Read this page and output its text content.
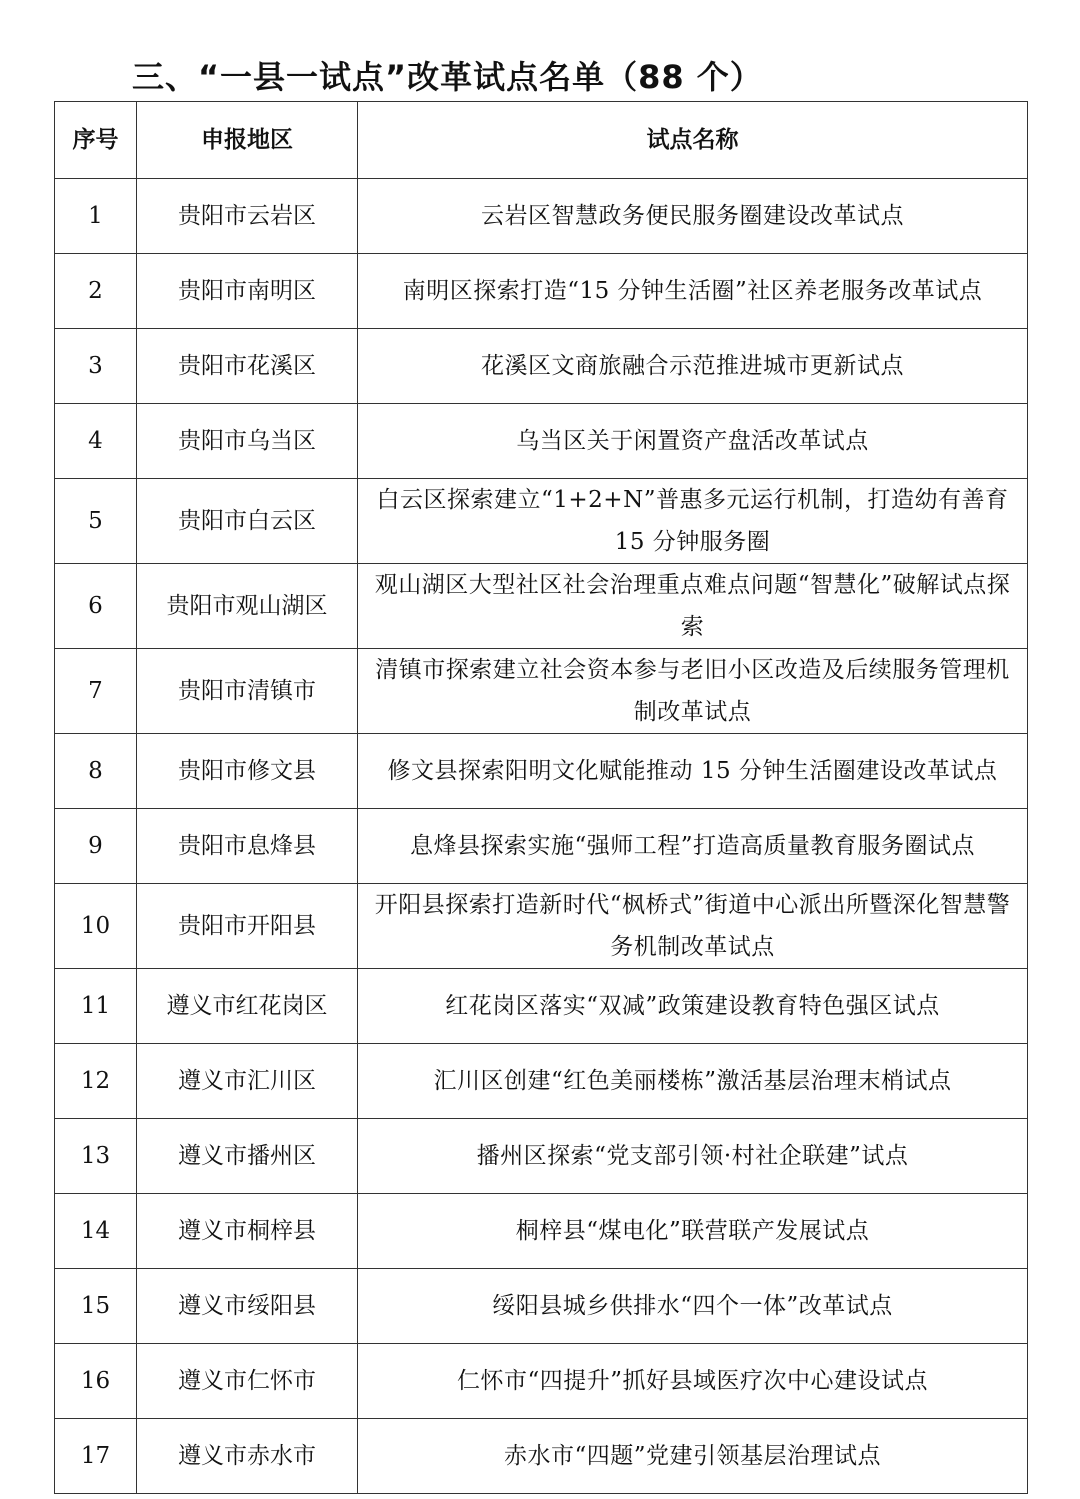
三、“一县一试点”改革试点名单（88 个）
序号	申报地区	试点名称
1	贵阳市云岩区	云岩区智慧政务便民服务圈建设改革试点
2	贵阳市南明区	南明区探索打造“15 分钟生活圈”社区养老服务改革试点
3	贵阳市花溪区	花溪区文商旅融合示范推进城市更新试点
4	贵阳市乌当区	乌当区关于闲置资产盘活改革试点
5	贵阳市白云区	白云区探索建立“1+2+N”普惠多元运行机制，打造幼有善育 15 分钟服务圈
6	贵阳市观山湖区	观山湖区大型社区社会治理重点难点问题“智慧化”破解试点探索
7	贵阳市清镇市	清镇市探索建立社会资本参与老旧小区改造及后续服务管理机制改革试点
8	贵阳市修文县	修文县探索阳明文化赋能推动 15 分钟生活圈建设改革试点
9	贵阳市息烽县	息烽县探索实施“强师工程”打造高质量教育服务圈试点
10	贵阳市开阳县	开阳县探索打造新时代“枫桥式”街道中心派出所暨深化智慧警务机制改革试点
11	遵义市红花岗区	红花岗区落实“双减”政策建设教育特色强区试点
12	遵义市汇川区	汇川区创建“红色美丽楼栋”激活基层治理末梢试点
13	遵义市播州区	播州区探索“党支部引领·村社企联建”试点
14	遵义市桐梓县	桐梓县“煤电化”联营联产发展试点
15	遵义市绥阳县	绥阳县城乡供排水“四个一体”改革试点
16	遵义市仁怀市	仁怀市“四提升”抓好县域医疗次中心建设试点
17	遵义市赤水市	赤水市“四题”党建引领基层治理试点
